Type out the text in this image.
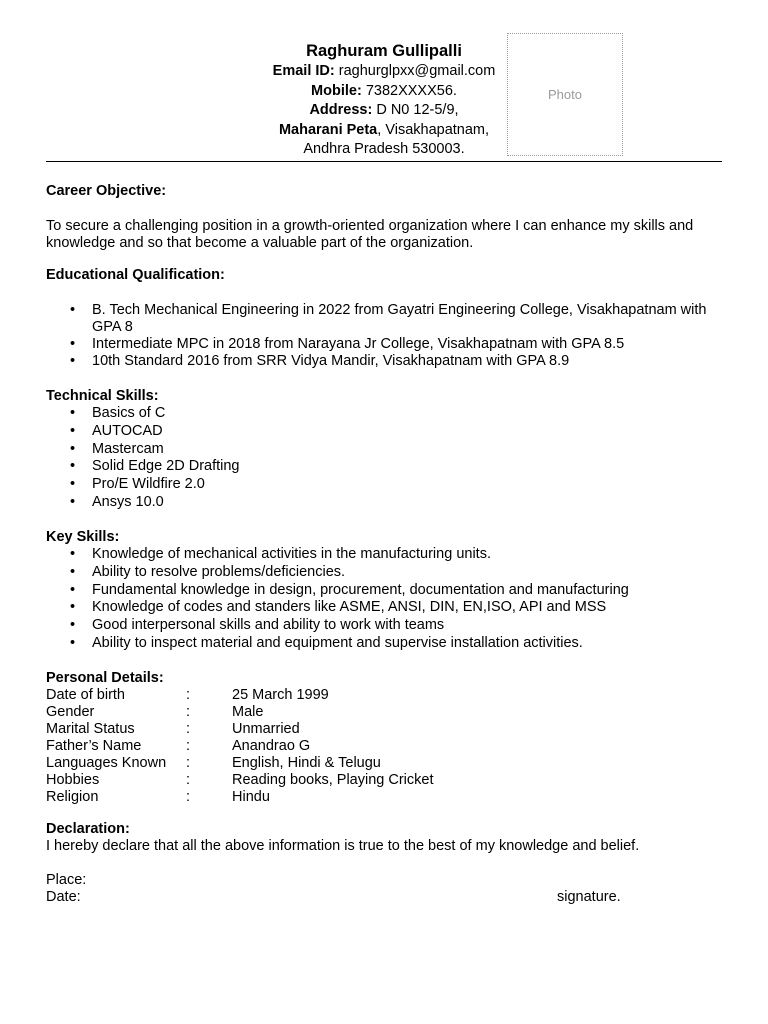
Raghuram Gullipalli
Email ID: raghurglpxx@gmail.com
Mobile: 7382XXXX56.
Address: D N0 12-5/9,
Maharani Peta, Visakhapatnam,
Andhra Pradesh 530003.
Photo
Career Objective:
To secure a challenging position in a growth-oriented organization where I can enhance my skills and knowledge and so that become a valuable part of the organization.
Educational Qualification:
• B. Tech Mechanical Engineering in 2022 from Gayatri Engineering College, Visakhapatnam with GPA 8
• Intermediate MPC in 2018 from Narayana Jr College, Visakhapatnam with GPA 8.5
• 10th Standard 2016 from SRR Vidya Mandir, Visakhapatnam with GPA 8.9
Technical Skills:
• Basics of C
• AUTOCAD
• Mastercam
• Solid Edge 2D Drafting
• Pro/E Wildfire 2.0
• Ansys 10.0
Key Skills:
• Knowledge of mechanical activities in the manufacturing units.
• Ability to resolve problems/deficiencies.
• Fundamental knowledge in design, procurement, documentation and manufacturing
• Knowledge of codes and standers like ASME, ANSI, DIN, EN,ISO, API and MSS
• Good interpersonal skills and ability to work with teams
• Ability to inspect material and equipment and supervise installation activities.
Personal Details:
Date of birth	:	25 March 1999
Gender	:	Male
Marital Status	:	Unmarried
Father’s Name	:	Anandrao G
Languages Known :	English, Hindi & Telugu
Hobbies	:	Reading books, Playing Cricket
Religion	:	Hindu
Declaration:
I hereby declare that all the above information is true to the best of my knowledge and belief.
Place:
Date:	signature.
